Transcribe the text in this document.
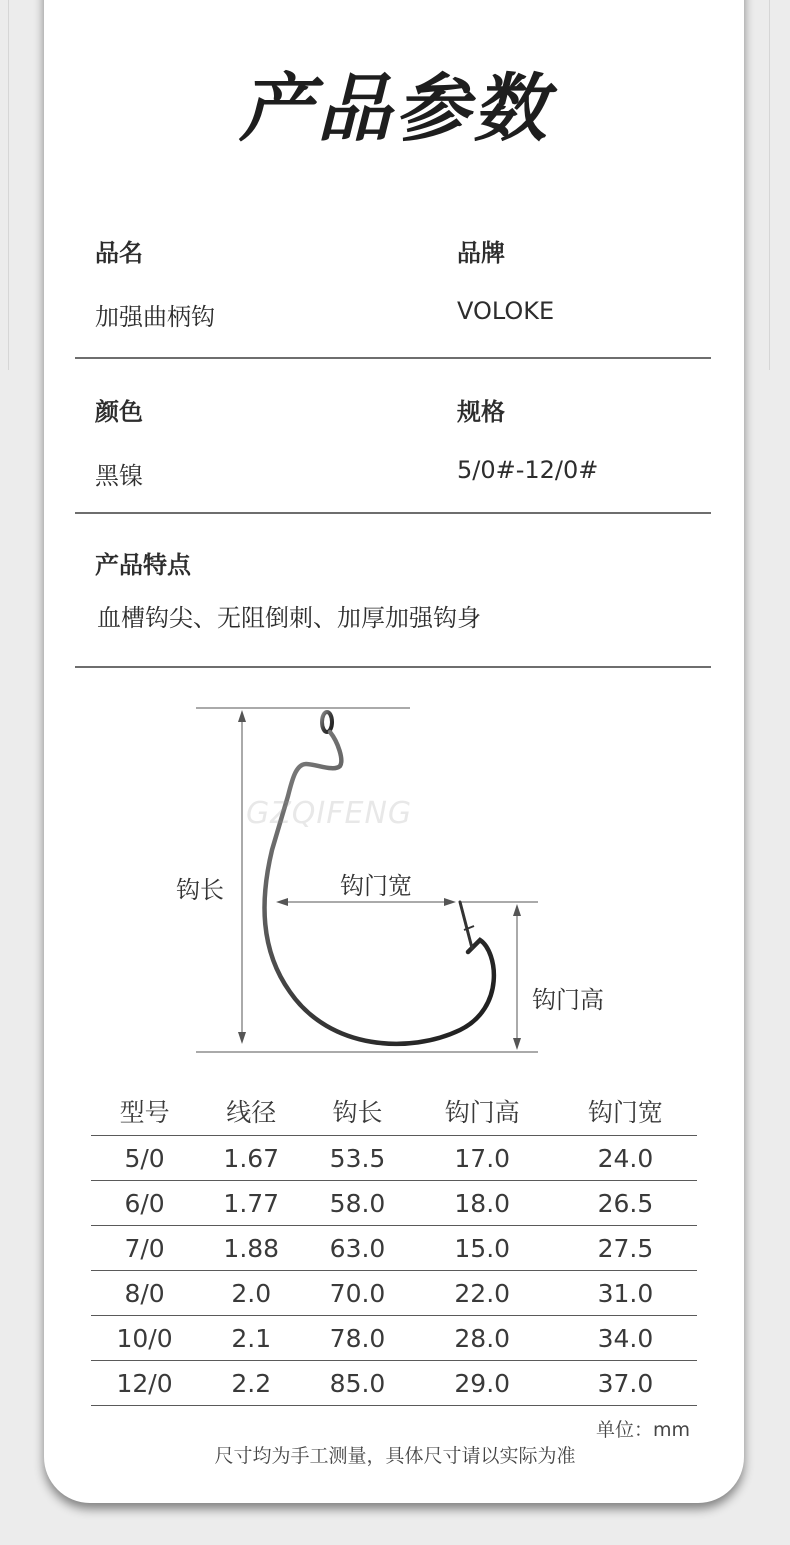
产品参数
品名
加强曲柄钩
品牌
VOLOKE
颜色
黑镍
规格
5/0#-12/0#
产品特点
血槽钩尖、无阻倒刺、加厚加强钩身
GZQIFENG
钩长	钩门宽
钩门高
型号	线径	钩长	钩门高	钩门宽
5/0	1.67	53.5	17.0	24.0
6/0	1.77	58.0	18.0	26.5
7/0	1.88	63.0	15.0	27.5
8/0	2.0	70.0	22.0	31.0
10/0	2.1	78.0	28.0	34.0
12/0	2.2	85.0	29.0	37.0
单位：mm
尺寸均为手工测量，具体尺寸请以实际为准
